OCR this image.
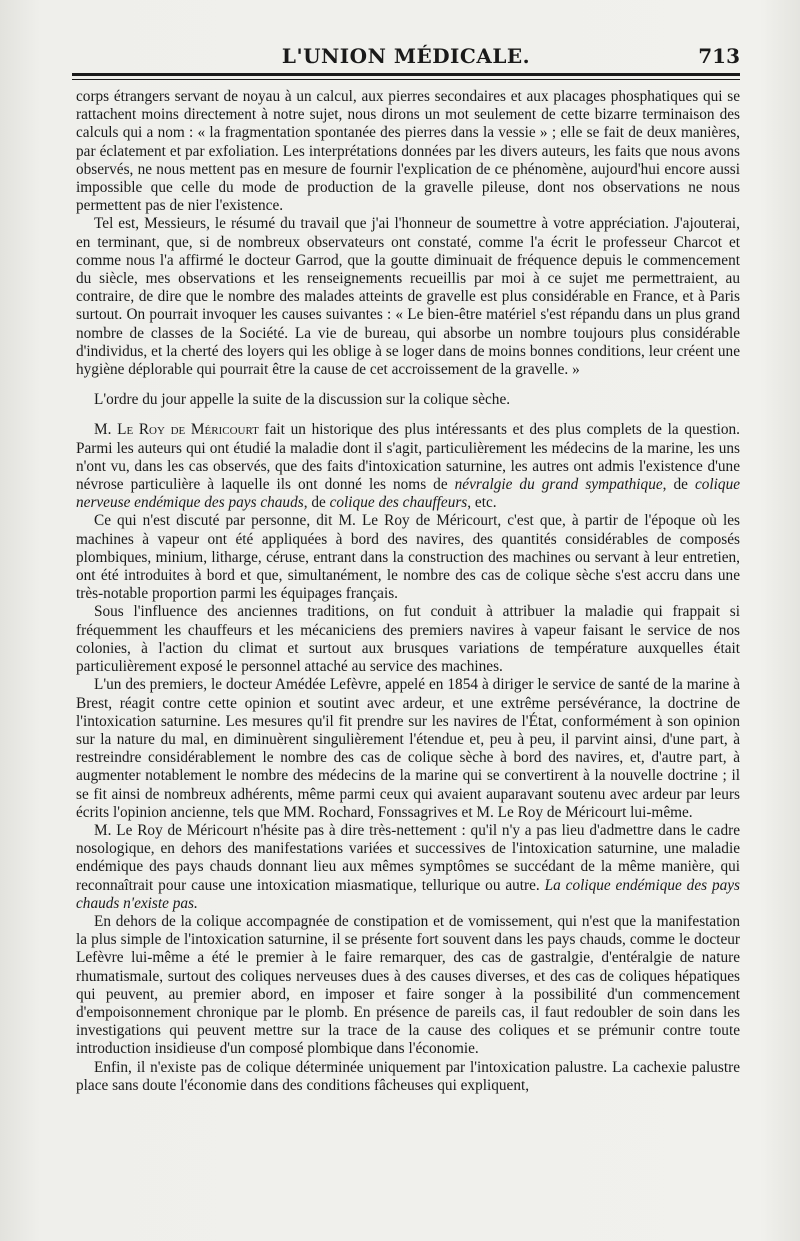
L'UNION MÉDICALE.	713

corps étrangers servant de noyau à un calcul, aux pierres secondaires et aux placages phosphatiques qui se rattachent moins directement à notre sujet, nous dirons un mot seulement de cette bizarre terminaison des calculs qui a nom : « la fragmentation spontanée des pierres dans la vessie » ; elle se fait de deux manières, par éclatement et par exfoliation. Les interprétations données par les divers auteurs, les faits que nous avons observés, ne nous mettent pas en mesure de fournir l'explication de ce phénomène, aujourd'hui encore aussi impossible que celle du mode de production de la gravelle pileuse, dont nos observations ne nous permettent pas de nier l'existence.

Tel est, Messieurs, le résumé du travail que j'ai l'honneur de soumettre à votre appréciation. J'ajouterai, en terminant, que, si de nombreux observateurs ont constaté, comme l'a écrit le professeur Charcot et comme nous l'a affirmé le docteur Garrod, que la goutte diminuait de fréquence depuis le commencement du siècle, mes observations et les renseignements recueillis par moi à ce sujet me permettraient, au contraire, de dire que le nombre des malades atteints de gravelle est plus considérable en France, et à Paris surtout. On pourrait invoquer les causes suivantes : « Le bien-être matériel s'est répandu dans un plus grand nombre de classes de la Société. La vie de bureau, qui absorbe un nombre toujours plus considérable d'individus, et la cherté des loyers qui les oblige à se loger dans de moins bonnes conditions, leur créent une hygiène déplorable qui pourrait être la cause de cet accroissement de la gravelle. »

L'ordre du jour appelle la suite de la discussion sur la colique sèche.

M. Le Roy de Méricourt fait un historique des plus intéressants et des plus complets de la question. Parmi les auteurs qui ont étudié la maladie dont il s'agit, particulièrement les médecins de la marine, les uns n'ont vu, dans les cas observés, que des faits d'intoxication saturnine, les autres ont admis l'existence d'une névrose particulière à laquelle ils ont donné les noms de névralgie du grand sympathique, de colique nerveuse endémique des pays chauds, de colique des chauffeurs, etc.

Ce qui n'est discuté par personne, dit M. Le Roy de Méricourt, c'est que, à partir de l'époque où les machines à vapeur ont été appliquées à bord des navires, des quantités considérables de composés plombiques, minium, litharge, céruse, entrant dans la construction des machines ou servant à leur entretien, ont été introduites à bord et que, simultanément, le nombre des cas de colique sèche s'est accru dans une très-notable proportion parmi les équipages français.

Sous l'influence des anciennes traditions, on fut conduit à attribuer la maladie qui frappait si fréquemment les chauffeurs et les mécaniciens des premiers navires à vapeur faisant le service de nos colonies, à l'action du climat et surtout aux brusques variations de température auxquelles était particulièrement exposé le personnel attaché au service des machines.

L'un des premiers, le docteur Amédée Lefèvre, appelé en 1854 à diriger le service de santé de la marine à Brest, réagit contre cette opinion et soutint avec ardeur, et une extrême persévérance, la doctrine de l'intoxication saturnine. Les mesures qu'il fit prendre sur les navires de l'État, conformément à son opinion sur la nature du mal, en diminuèrent singulièrement l'étendue et, peu à peu, il parvint ainsi, d'une part, à restreindre considérablement le nombre des cas de colique sèche à bord des navires, et, d'autre part, à augmenter notablement le nombre des médecins de la marine qui se convertirent à la nouvelle doctrine ; il se fit ainsi de nombreux adhérents, même parmi ceux qui avaient auparavant soutenu avec ardeur par leurs écrits l'opinion ancienne, tels que MM. Rochard, Fonssagrives et M. Le Roy de Méricourt lui-même.

M. Le Roy de Méricourt n'hésite pas à dire très-nettement : qu'il n'y a pas lieu d'admettre dans le cadre nosologique, en dehors des manifestations variées et successives de l'intoxication saturnine, une maladie endémique des pays chauds donnant lieu aux mêmes symptômes se succédant de la même manière, qui reconnaîtrait pour cause une intoxication miasmatique, tellurique ou autre. La colique endémique des pays chauds n'existe pas.

En dehors de la colique accompagnée de constipation et de vomissement, qui n'est que la manifestation la plus simple de l'intoxication saturnine, il se présente fort souvent dans les pays chauds, comme le docteur Lefèvre lui-même a été le premier à le faire remarquer, des cas de gastralgie, d'entéralgie de nature rhumatismale, surtout des coliques nerveuses dues à des causes diverses, et des cas de coliques hépatiques qui peuvent, au premier abord, en imposer et faire songer à la possibilité d'un commencement d'empoisonnement chronique par le plomb. En présence de pareils cas, il faut redoubler de soin dans les investigations qui peuvent mettre sur la trace de la cause des coliques et se prémunir contre toute introduction insidieuse d'un composé plombique dans l'économie.

Enfin, il n'existe pas de colique déterminée uniquement par l'intoxication palustre. La cachexie palustre place sans doute l'économie dans des conditions fâcheuses qui expliquent,
